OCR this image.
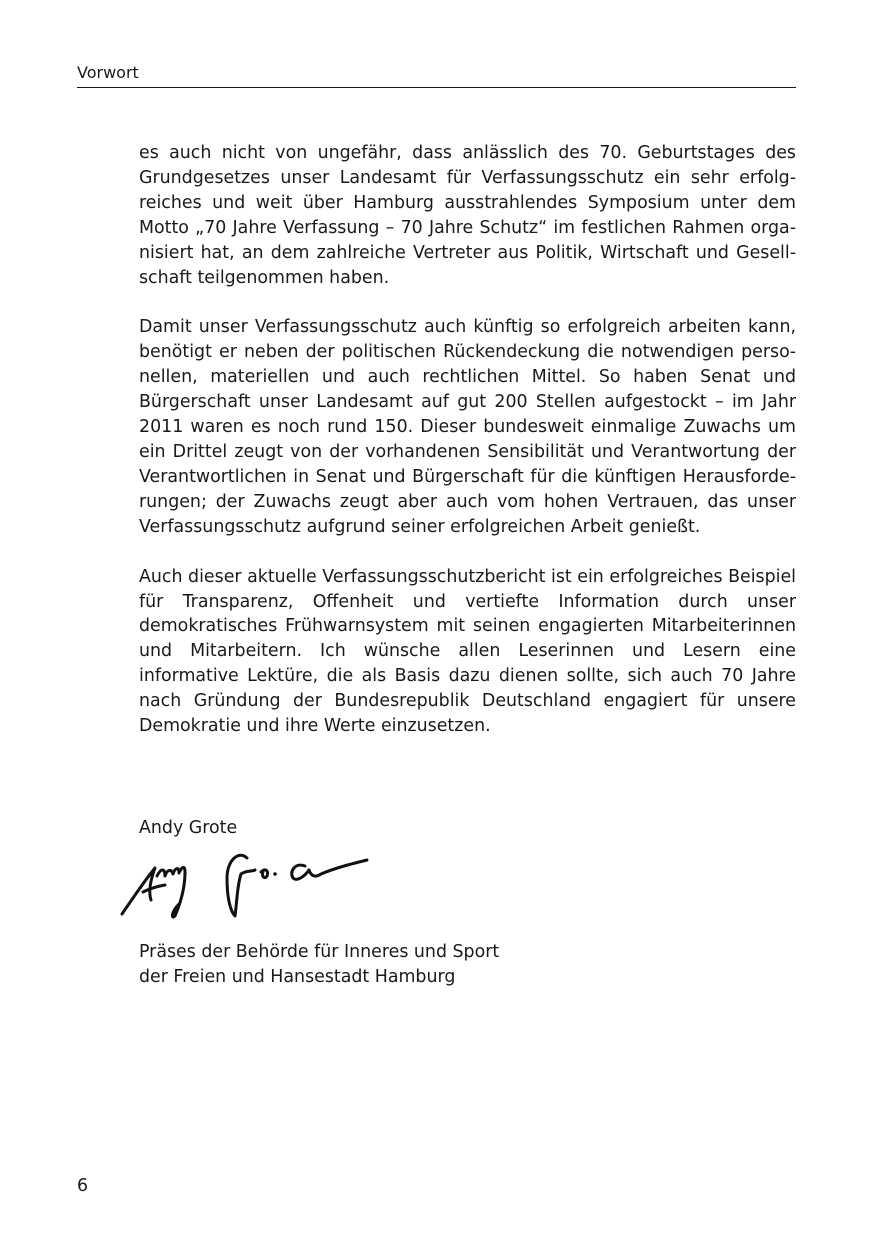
Vorwort

es auch nicht von ungefähr, dass anlässlich des 70. Geburtstages des Grundgesetzes unser Landesamt für Verfassungsschutz ein sehr erfolgreiches und weit über Hamburg ausstrahlendes Symposium unter dem Motto „70 Jahre Verfassung – 70 Jahre Schutz“ im festlichen Rahmen organisiert hat, an dem zahlreiche Vertreter aus Politik, Wirtschaft und Gesellschaft teilgenommen haben.

Damit unser Verfassungsschutz auch künftig so erfolgreich arbeiten kann, benötigt er neben der politischen Rückendeckung die notwendigen personellen, materiellen und auch rechtlichen Mittel. So haben Senat und Bürgerschaft unser Landesamt auf gut 200 Stellen aufgestockt – im Jahr 2011 waren es noch rund 150. Dieser bundesweit einmalige Zuwachs um ein Drittel zeugt von der vorhandenen Sensibilität und Verantwortung der Verantwortlichen in Senat und Bürgerschaft für die künftigen Herausforderungen; der Zuwachs zeugt aber auch vom hohen Vertrauen, das unser Verfassungsschutz aufgrund seiner erfolgreichen Arbeit genießt.

Auch dieser aktuelle Verfassungsschutzbericht ist ein erfolgreiches Beispiel für Transparenz, Offenheit und vertiefte Information durch unser demokratisches Frühwarnsystem mit seinen engagierten Mitarbeiterinnen und Mitarbeitern. Ich wünsche allen Leserinnen und Lesern eine informative Lektüre, die als Basis dazu dienen sollte, sich auch 70 Jahre nach Gründung der Bundesrepublik Deutschland engagiert für unsere Demokratie und ihre Werte einzusetzen.

Andy Grote
Präses der Behörde für Inneres und Sport
der Freien und Hansestadt Hamburg
6
